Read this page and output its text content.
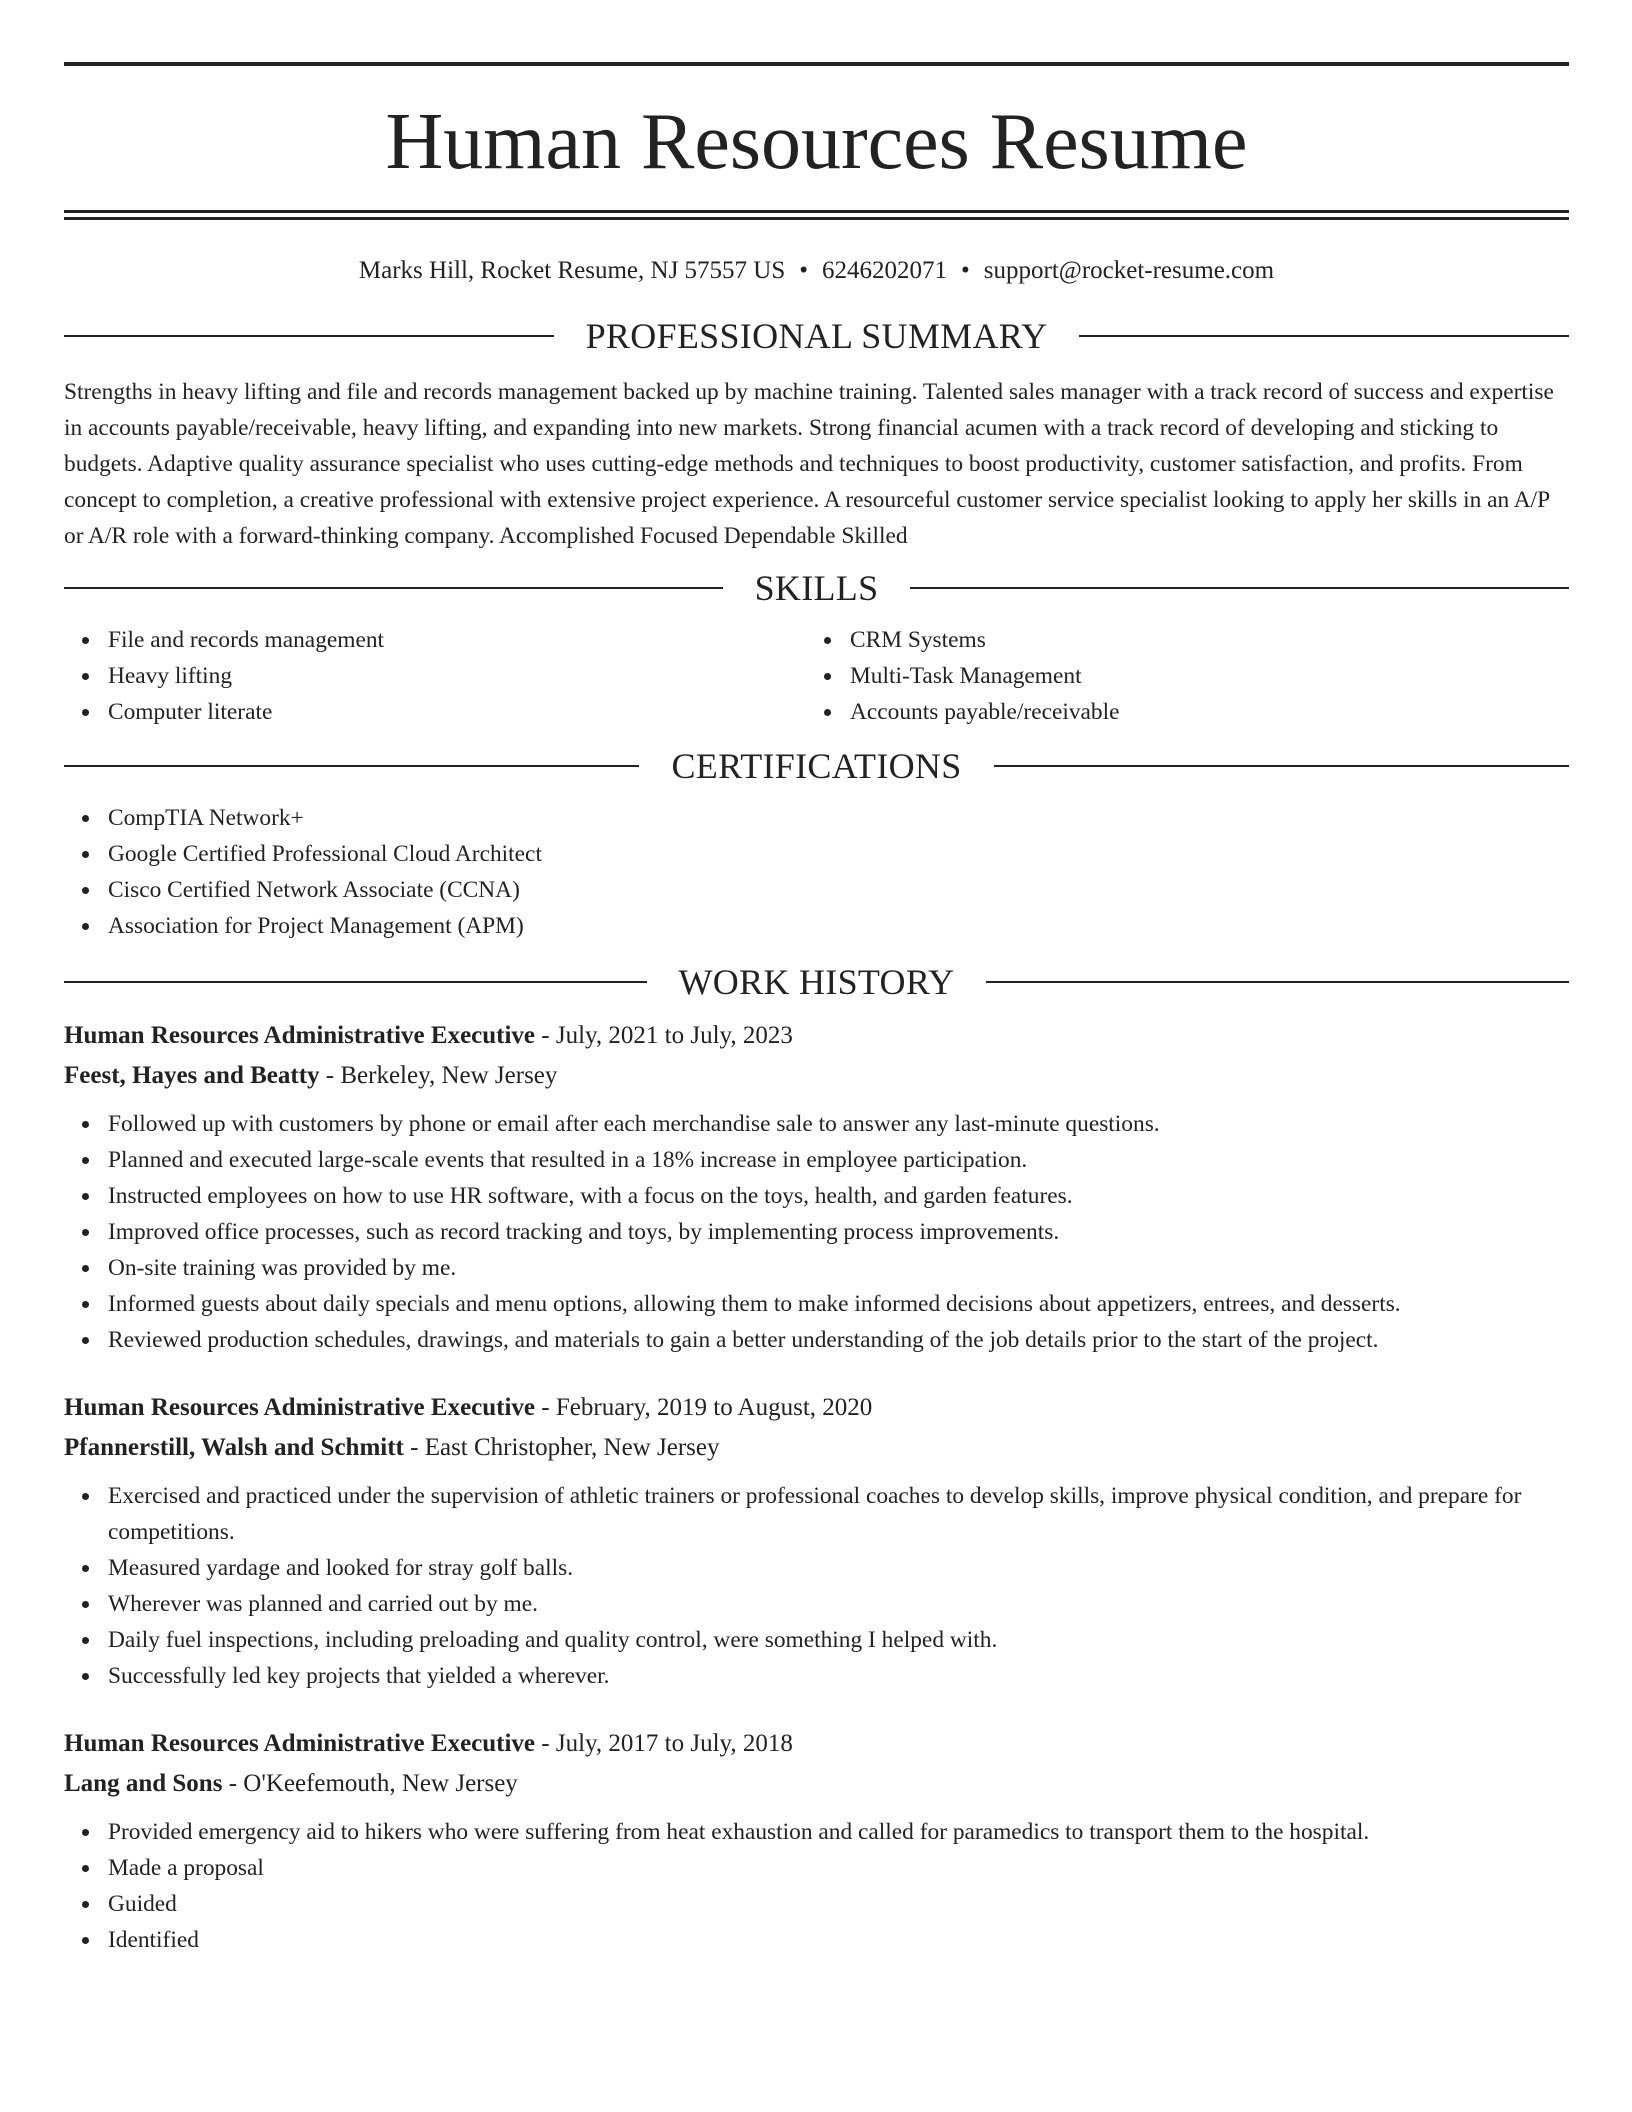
Human Resources Resume
Marks Hill, Rocket Resume, NJ 57557 US • 6246202071 • support@rocket-resume.com
PROFESSIONAL SUMMARY

Strengths in heavy lifting and file and records management backed up by machine training. Talented sales manager with a track record of success and expertise in accounts payable/receivable, heavy lifting, and expanding into new markets. Strong financial acumen with a track record of developing and sticking to budgets. Adaptive quality assurance specialist who uses cutting-edge methods and techniques to boost productivity, customer satisfaction, and profits. From concept to completion, a creative professional with extensive project experience. A resourceful customer service specialist looking to apply her skills in an A/P or A/R role with a forward-thinking company. Accomplished Focused Dependable Skilled

SKILLS
File and records management
Heavy lifting
Computer literate
CRM Systems
Multi-Task Management
Accounts payable/receivable
CERTIFICATIONS
CompTIA Network+
Google Certified Professional Cloud Architect
Cisco Certified Network Associate (CCNA)
Association for Project Management (APM)
WORK HISTORY
Human Resources Administrative Executive - July, 2021 to July, 2023
Feest, Hayes and Beatty - Berkeley, New Jersey
Followed up with customers by phone or email after each merchandise sale to answer any last-minute questions.
Planned and executed large-scale events that resulted in a 18% increase in employee participation.
Instructed employees on how to use HR software, with a focus on the toys, health, and garden features.
Improved office processes, such as record tracking and toys, by implementing process improvements.
On-site training was provided by me.
Informed guests about daily specials and menu options, allowing them to make informed decisions about appetizers, entrees, and desserts.
Reviewed production schedules, drawings, and materials to gain a better understanding of the job details prior to the start of the project.
Human Resources Administrative Executive - February, 2019 to August, 2020
Pfannerstill, Walsh and Schmitt - East Christopher, New Jersey
Exercised and practiced under the supervision of athletic trainers or professional coaches to develop skills, improve physical condition, and prepare for competitions.
Measured yardage and looked for stray golf balls.
Wherever was planned and carried out by me.
Daily fuel inspections, including preloading and quality control, were something I helped with.
Successfully led key projects that yielded a wherever.
Human Resources Administrative Executive - July, 2017 to July, 2018
Lang and Sons - O'Keefemouth, New Jersey
Provided emergency aid to hikers who were suffering from heat exhaustion and called for paramedics to transport them to the hospital.
Made a proposal
Guided
Identified
